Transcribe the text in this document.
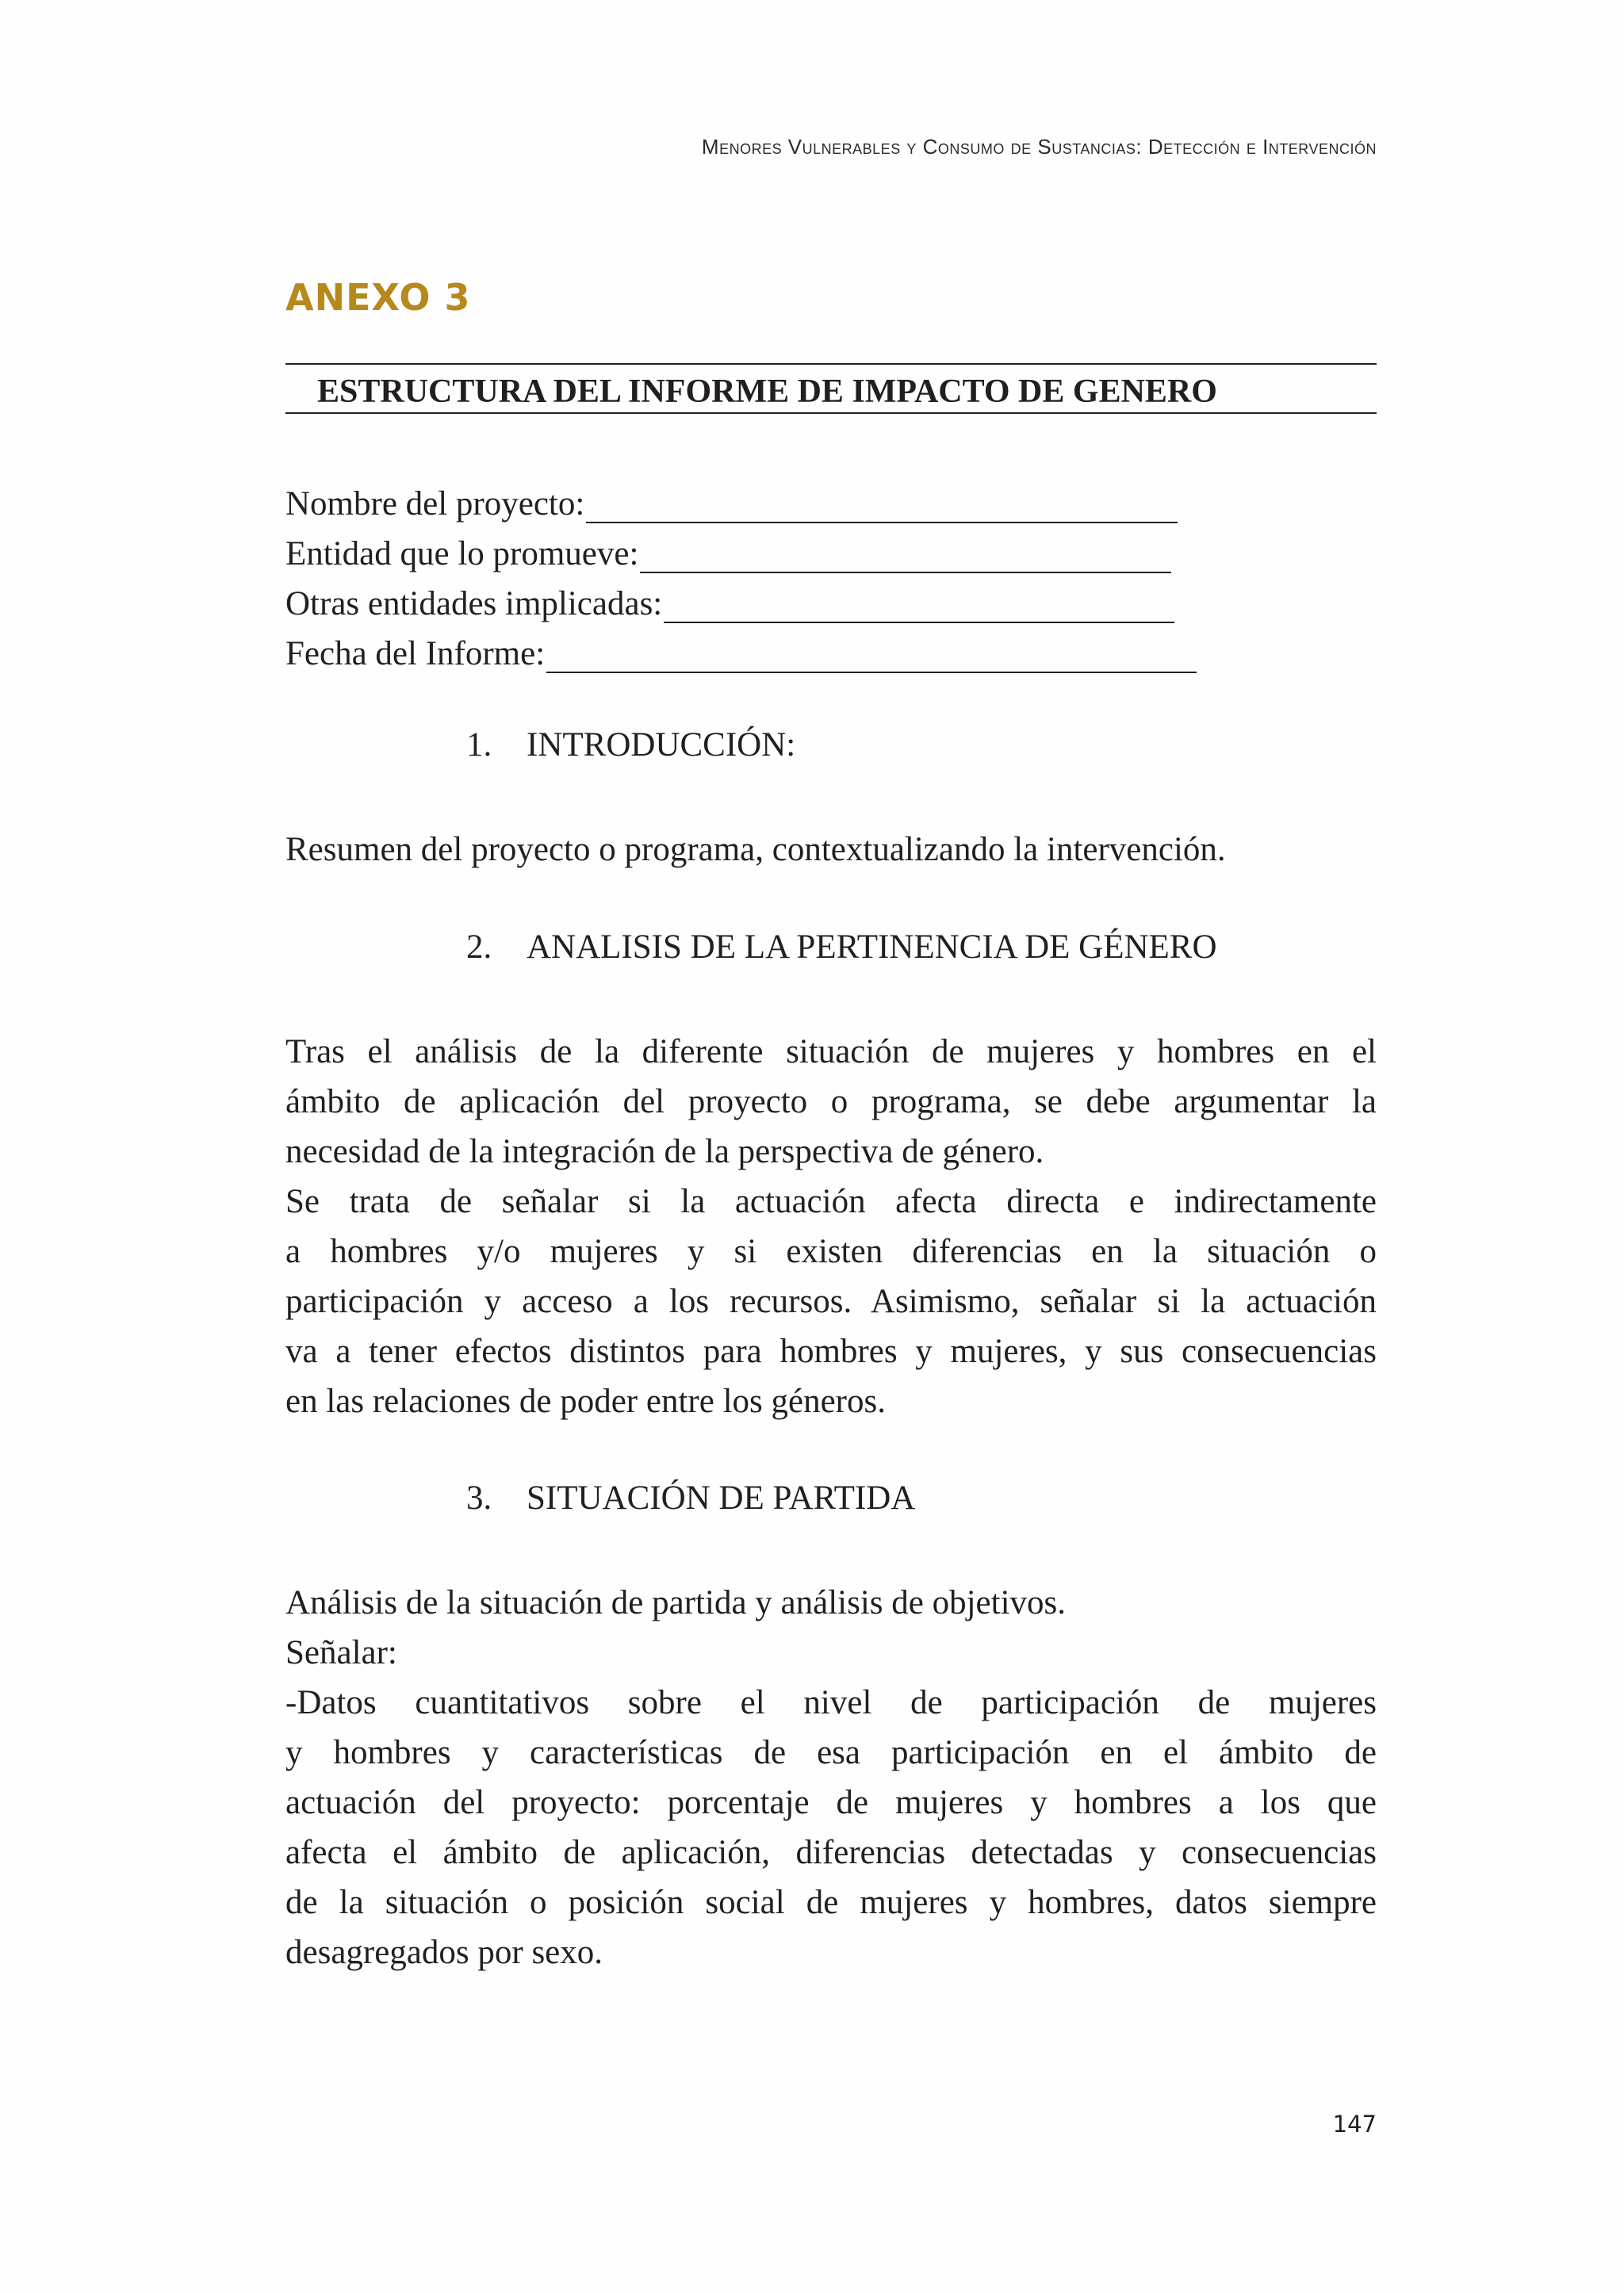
Menores Vulnerables y Consumo de Sustancias: Detección e Intervención
ANEXO 3
ESTRUCTURA DEL INFORME DE IMPACTO DE GENERO
Nombre del proyecto:
Entidad que lo promueve:
Otras entidades implicadas:
Fecha del Informe:
1. INTRODUCCIÓN:
Resumen del proyecto o programa, contextualizando la intervención.
2. ANALISIS DE LA PERTINENCIA DE GÉNERO
Tras el análisis de la diferente situación de mujeres y hombres en el
ámbito de aplicación del proyecto o programa, se debe argumentar la
necesidad de la integración de la perspectiva de género.
Se trata de señalar si la actuación afecta directa e indirectamente
a hombres y/o mujeres y si existen diferencias en la situación o
participación y acceso a los recursos. Asimismo, señalar si la actuación
va a tener efectos distintos para hombres y mujeres, y sus consecuencias
en las relaciones de poder entre los géneros.
3. SITUACIÓN DE PARTIDA
Análisis de la situación de partida y análisis de objetivos.
Señalar:
-Datos cuantitativos sobre el nivel de participación de mujeres
y hombres y características de esa participación en el ámbito de
actuación del proyecto: porcentaje de mujeres y hombres a los que
afecta el ámbito de aplicación, diferencias detectadas y consecuencias
de la situación o posición social de mujeres y hombres, datos siempre
desagregados por sexo.
147
